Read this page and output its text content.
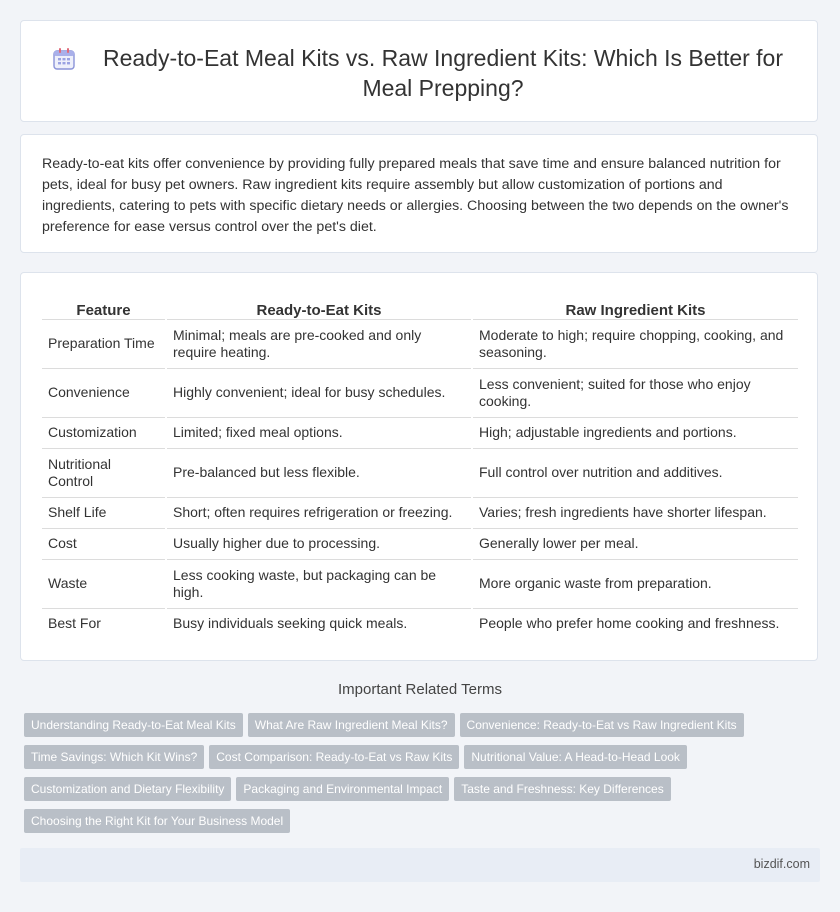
Ready-to-Eat Meal Kits vs. Raw Ingredient Kits: Which Is Better for Meal Prepping?

Ready-to-eat kits offer convenience by providing fully prepared meals that save time and ensure balanced nutrition for pets, ideal for busy pet owners. Raw ingredient kits require assembly but allow customization of portions and ingredients, catering to pets with specific dietary needs or allergies. Choosing between the two depends on the owner's preference for ease versus control over the pet's diet.

Feature	Ready-to-Eat Kits	Raw Ingredient Kits
Preparation Time	Minimal; meals are pre-cooked and only require heating.	Moderate to high; require chopping, cooking, and seasoning.
Convenience	Highly convenient; ideal for busy schedules.	Less convenient; suited for those who enjoy cooking.
Customization	Limited; fixed meal options.	High; adjustable ingredients and portions.
Nutritional Control	Pre-balanced but less flexible.	Full control over nutrition and additives.
Shelf Life	Short; often requires refrigeration or freezing.	Varies; fresh ingredients have shorter lifespan.
Cost	Usually higher due to processing.	Generally lower per meal.
Waste	Less cooking waste, but packaging can be high.	More organic waste from preparation.
Best For	Busy individuals seeking quick meals.	People who prefer home cooking and freshness.
Important Related Terms
Understanding Ready-to-Eat Meal Kits What Are Raw Ingredient Meal Kits? Convenience: Ready-to-Eat vs Raw Ingredient Kits
Time Savings: Which Kit Wins? Cost Comparison: Ready-to-Eat vs Raw Kits Nutritional Value: A Head-to-Head Look
Customization and Dietary Flexibility Packaging and Environmental Impact Taste and Freshness: Key Differences
Choosing the Right Kit for Your Business Model
bizdif.com
